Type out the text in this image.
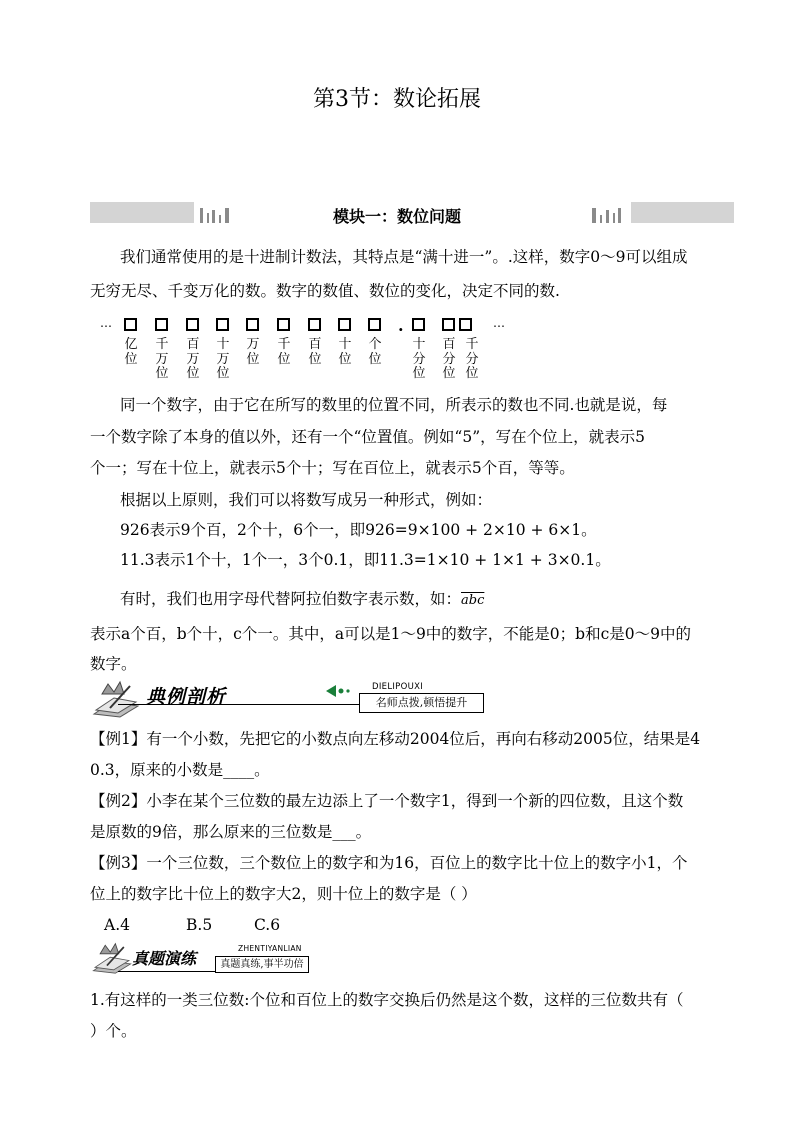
第3节：数论拓展
模块一：数位问题
我们通常使用的是十进制计数法，其特点是“满十进一”。.这样，数字0～9可以组成
无穷无尽、千变万化的数。数字的数值、数位的变化，决定不同的数.
…	.	…
亿位
千万位
百万位
十万位
万位
千位
百位
十位
个位
十分位
百分位
千分位
同一个数字，由于它在所写的数里的位置不同，所表示的数也不同.也就是说，每
一个数字除了本身的值以外，还有一个“位置值。例如“5”，写在个位上，就表示5
个一；写在十位上，就表示5个十；写在百位上，就表示5个百，等等。
根据以上原则，我们可以将数写成另一种形式，例如：
926表示9个百，2个十，6个一，即926=9×100 + 2×10 + 6×1。
11.3表示1个十，1个一，3个0.1，即11.3=1×10 + 1×1 + 3×0.1。
有时，我们也用字母代替阿拉伯数字表示数，如：$\overline{abc}$
表示a个百，b个十，c个一。其中，a可以是1～9中的数字，不能是0；b和c是0～9中的
数字。
典例剖析	DIELIPOUXI
名师点拨,顿悟提升
【例1】有一个小数，先把它的小数点向左移动2004位后，再向右移动2005位，结果是4
0.3，原来的小数是____。
【例2】小李在某个三位数的最左边添上了一个数字1，得到一个新的四位数，且这个数
是原数的9倍，那么原来的三位数是___。
【例3】一个三位数，三个数位上的数字和为16，百位上的数字比十位上的数字小1，个
位上的数字比十位上的数字大2，则十位上的数字是（ ）
A.4	B.5	C.6
真题演练
ZHENTIYANLIAN
真题真练,事半功倍
1.有这样的一类三位数:个位和百位上的数字交换后仍然是这个数，这样的三位数共有（
）个。
